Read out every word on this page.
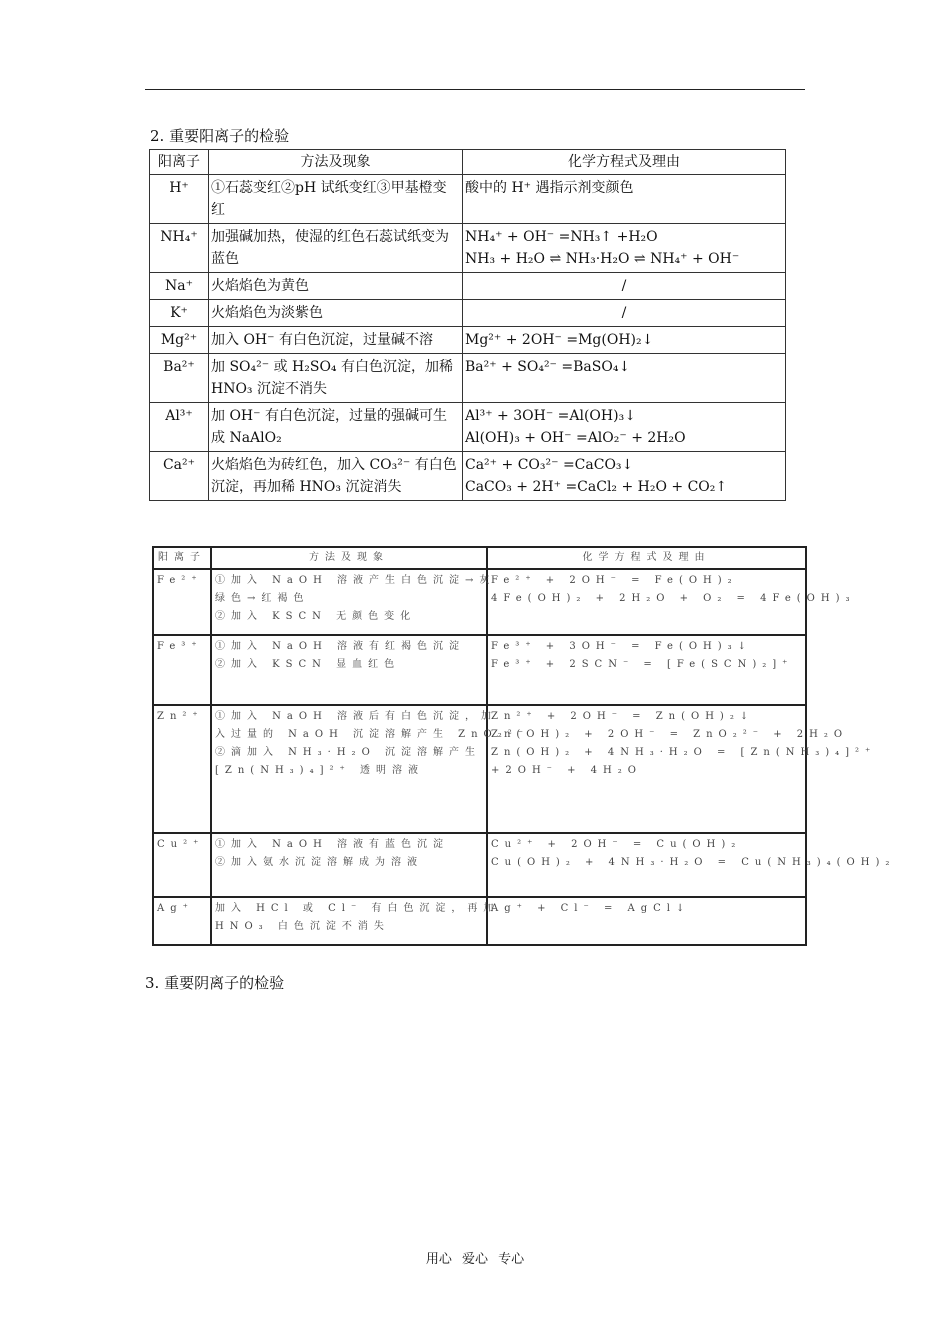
2. 重要阳离子的检验
阳离子	方法及现象	化学方程式及理由
H⁺	①石蕊变红②pH 试纸变红③甲基橙变红	酸中的 H⁺ 遇指示剂变颜色

NH₄⁺	加强碱加热，使湿的红色石蕊试纸变为蓝色	NH₄⁺ + OH⁻ =NH₃↑ +H₂O
NH₃ + H₂O ⇌ NH₃·H₂O ⇌ NH₄⁺ + OH⁻

Na⁺	火焰焰色为黄色	/

K⁺	火焰焰色为淡紫色	/

Mg²⁺	加入 OH⁻ 有白色沉淀，过量碱不溶	Mg²⁺ + 2OH⁻ =Mg(OH)₂↓

Ba²⁺	加 SO₄²⁻ 或 H₂SO₄ 有白色沉淀，加稀 HNO₃ 沉淀不消失	Ba²⁺ + SO₄²⁻ =BaSO₄↓

Al³⁺	加 OH⁻ 有白色沉淀，过量的强碱可生成 NaAlO₂	Al³⁺ + 3OH⁻ =Al(OH)₃↓
Al(OH)₃ + OH⁻ =AlO₂⁻ + 2H₂O

Ca²⁺	火焰焰色为砖红色，加入 CO₃²⁻ 有白色沉淀，再加稀 HNO₃ 沉淀消失	Ca²⁺ + CO₃²⁻ =CaCO₃↓
CaCO₃ + 2H⁺ =CaCl₂ + H₂O + CO₂↑
阳离子	方法及现象	化学方程式及理由
Fe²⁺	①加入 NaOH 溶液产生白色沉淀→灰
绿色→红褐色
②加入 KSCN 无颜色变化	Fe²⁺ + 2OH⁻ = Fe(OH)₂
4Fe(OH)₂ + 2H₂O + O₂ = 4Fe(OH)₃

Fe³⁺	①加入 NaOH 溶液有红褐色沉淀
②加入 KSCN 显血红色	Fe³⁺ + 3OH⁻ = Fe(OH)₃↓
Fe³⁺ + 2SCN⁻ = [Fe(SCN)₂]⁺

Zn²⁺	①加入 NaOH 溶液后有白色沉淀，加
入过量的 NaOH 沉淀溶解产生 ZnO₂²⁻
②滴加入 NH₃·H₂O 沉淀溶解产生
[Zn(NH₃)₄]²⁺ 透明溶液	Zn²⁺ + 2OH⁻ = Zn(OH)₂↓
Zn(OH)₂ + 2OH⁻ = ZnO₂²⁻ + 2H₂O
Zn(OH)₂ + 4NH₃·H₂O = [Zn(NH₃)₄]²⁺
+2OH⁻ + 4H₂O

Cu²⁺	①加入 NaOH 溶液有蓝色沉淀
②加入氨水沉淀溶解成为溶液	Cu²⁺ + 2OH⁻ = Cu(OH)₂
Cu(OH)₂ + 4NH₃·H₂O = Cu(NH₃)₄(OH)₂

Ag⁺	加入 HCl 或 Cl⁻ 有白色沉淀，再加
HNO₃ 白色沉淀不消失	Ag⁺ + Cl⁻ = AgCl↓
3. 重要阴离子的检验
用心 爱心 专心
